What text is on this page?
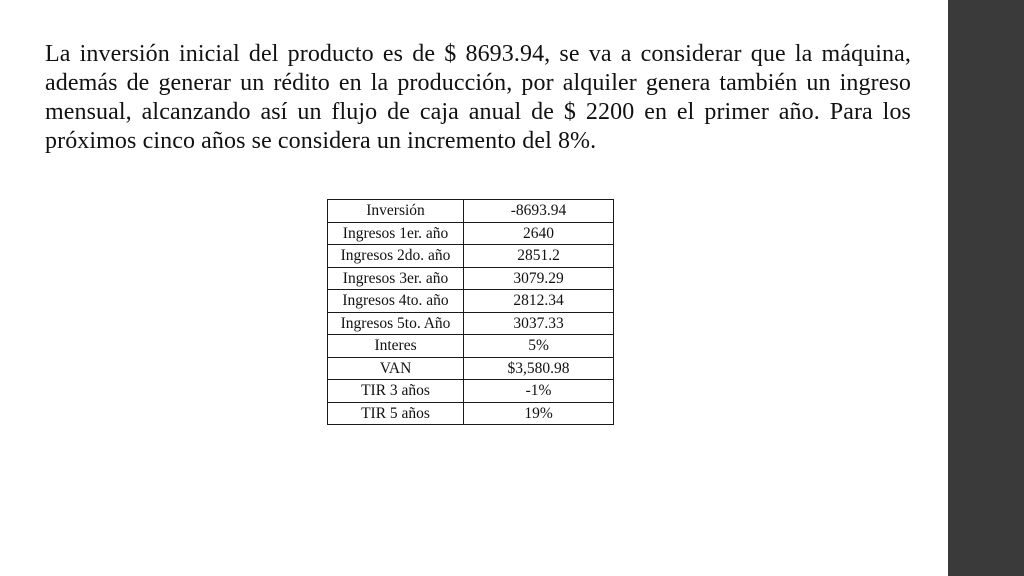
La inversión inicial del producto es de $ 8693.94, se va a considerar que la máquina, además de generar un rédito en la producción, por alquiler genera también un ingreso mensual, alcanzando así un flujo de caja anual de $ 2200 en el primer año. Para los próximos cinco años se considera un incremento del 8%.

Inversión	-8693.94
Ingresos 1er. año	2640
Ingresos 2do. año	2851.2
Ingresos 3er. año	3079.29
Ingresos 4to. año	2812.34
Ingresos 5to. Año	3037.33
Interes	5%
VAN	$3,580.98
TIR 3 años	-1%
TIR 5 años	19%
